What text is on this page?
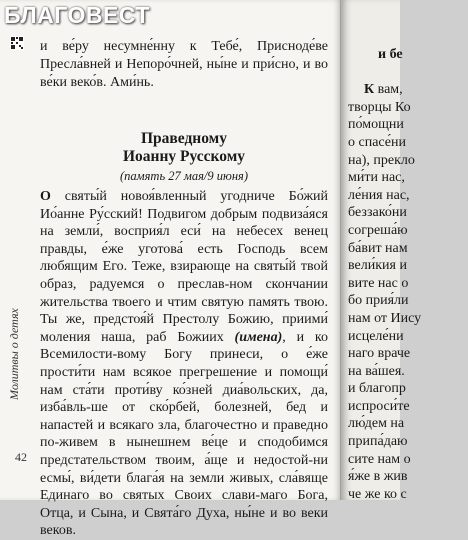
БЛАГОВЕСТ
Молитвы о детях
42

и ве́ру несумне́нну к Тебе́, Присноде́ве Пресла́вней и Непоро́чней, ны́не и при́сно, и во ве́ки веко́в. Ами́нь.

Праведному
Иоанну Русскому
(память 27 мая/9 июня)

О святы́й новоя́вленный угодниче Бо́жий Ио́анне Ру́сский! Подвигом добрым подвиза́яся на земли́, восприя́л еси́ на небесех венец правды, е́же уготова́ есть Господь всем любящим Его. Теже, взирающе на святы́й твой образ, радуемся о преслав-ном скончании жительства твоего и чтим святую память твою. Ты же, предстоя́й Престолу Божию, приими́ моления наша, раб Божиих (имена), и ко Всемилости-вому Богу принеси, о е́же прости́ти нам всякое прегрешение и помощи́ нам ста́ти проти́ву ко́зней диа́вольских, да, изба́вль-ше от ско́рбей, болезней, бед и напастей и всякаго зла, благочестно и праведно по-живем в нынешнем ве́це и сподобимся предстательством твоим, а́ще и недостой-ни есмы́, ви́дети блага́я на земли живых, сла́вяще Единаго во святых Своих слави-маго Бога, Отца, и Сына, и Свята́го Духа, ны́не и во веки веков.

и бе
К вам,
творцы Ко
по́мощни
о спасе́ни
на), прекло
ми́ти нас,
ле́ния нас,
беззако́ни
согреша́ю
ба́вит нам
вели́кия и
вите нас о
бо прия́ли
нам от Иису
исцеле́ни
нaго враче
на ва́шея.
и благопр
испроси́те
лю́дем на
припа́даю
сите нам о
я́же в жив
че же ко с
